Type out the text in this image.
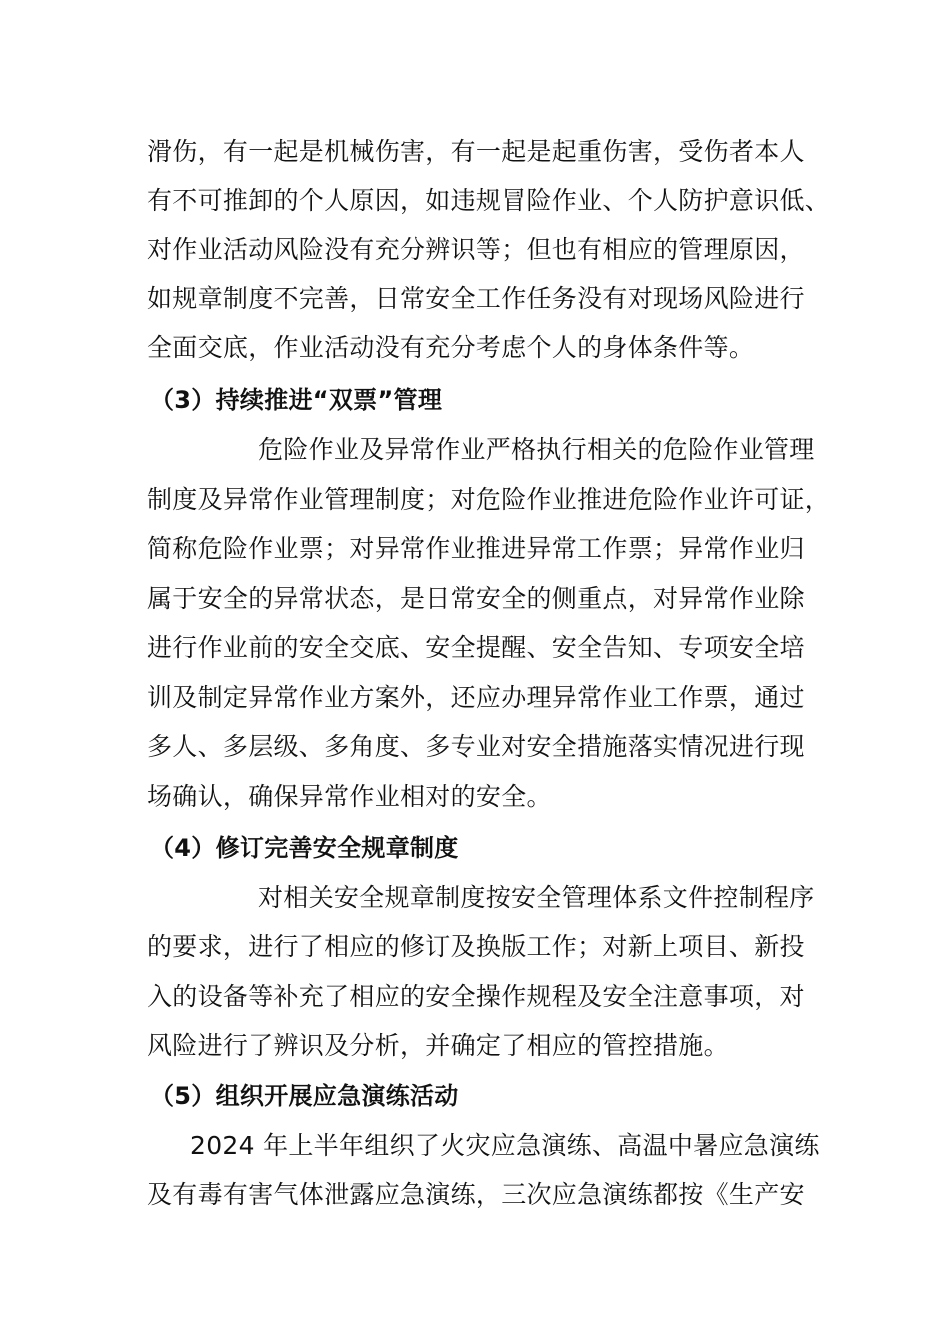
滑伤，有一起是机械伤害，有一起是起重伤害，受伤者本人
有不可推卸的个人原因，如违规冒险作业、个人防护意识低、
对作业活动风险没有充分辨识等；但也有相应的管理原因，
如规章制度不完善，日常安全工作任务没有对现场风险进行
全面交底，作业活动没有充分考虑个人的身体条件等。
（3）持续推进“双票”管理
危险作业及异常作业严格执行相关的危险作业管理
制度及异常作业管理制度；对危险作业推进危险作业许可证，
简称危险作业票；对异常作业推进异常工作票；异常作业归
属于安全的异常状态，是日常安全的侧重点，对异常作业除
进行作业前的安全交底、安全提醒、安全告知、专项安全培
训及制定异常作业方案外，还应办理异常作业工作票，通过
多人、多层级、多角度、多专业对安全措施落实情况进行现
场确认，确保异常作业相对的安全。
（4）修订完善安全规章制度
对相关安全规章制度按安全管理体系文件控制程序
的要求，进行了相应的修订及换版工作；对新上项目、新投
入的设备等补充了相应的安全操作规程及安全注意事项，对
风险进行了辨识及分析，并确定了相应的管控措施。
（5）组织开展应急演练活动
2024 年上半年组织了火灾应急演练、高温中暑应急演练
及有毒有害气体泄露应急演练，三次应急演练都按《生产安
